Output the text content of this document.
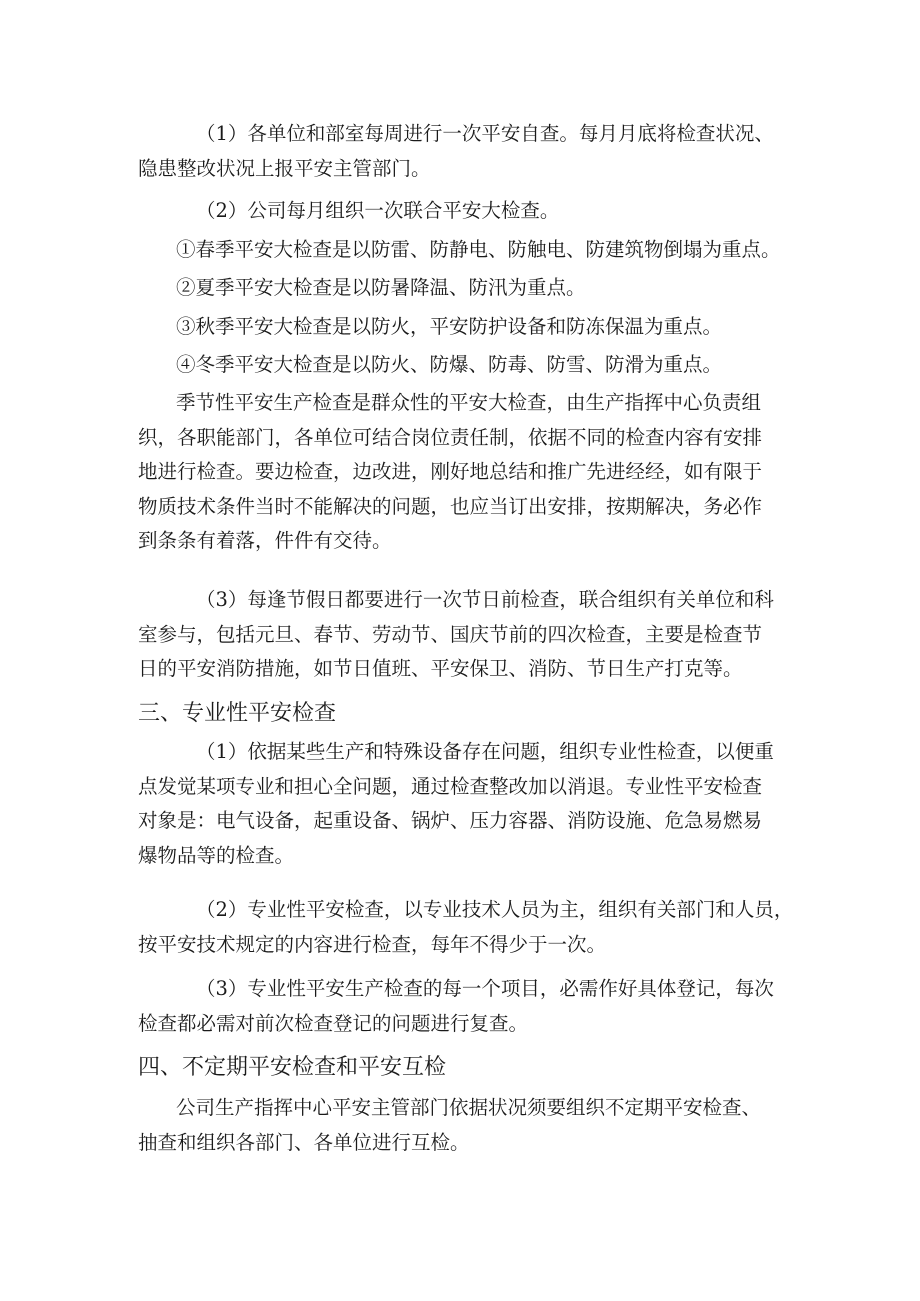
（1）各单位和部室每周进行一次平安自查。每月月底将检查状况、
隐患整改状况上报平安主管部门。

（2）公司每月组织一次联合平安大检查。

①春季平安大检查是以防雷、防静电、防触电、防建筑物倒塌为重点。

②夏季平安大检查是以防暑降温、防汛为重点。

③秋季平安大检查是以防火，平安防护设备和防冻保温为重点。

④冬季平安大检查是以防火、防爆、防毒、防雪、防滑为重点。

季节性平安生产检查是群众性的平安大检查，由生产指挥中心负责组
织，各职能部门，各单位可结合岗位责任制，依据不同的检查内容有安排
地进行检查。要边检查，边改进，刚好地总结和推广先进经经，如有限于
物质技术条件当时不能解决的问题，也应当订出安排，按期解决，务必作
到条条有着落，件件有交待。

（3）每逢节假日都要进行一次节日前检查，联合组织有关单位和科
室参与，包括元旦、春节、劳动节、国庆节前的四次检查，主要是检查节
日的平安消防措施，如节日值班、平安保卫、消防、节日生产打克等。

三、专业性平安检查

（1）依据某些生产和特殊设备存在问题，组织专业性检查，以便重
点发觉某项专业和担心全问题，通过检查整改加以消退。专业性平安检查
对象是：电气设备，起重设备、锅炉、压力容器、消防设施、危急易燃易
爆物品等的检查。

（2）专业性平安检查，以专业技术人员为主，组织有关部门和人员，
按平安技术规定的内容进行检查，每年不得少于一次。

（3）专业性平安生产检查的每一个项目，必需作好具体登记，每次
检查都必需对前次检查登记的问题进行复查。

四、不定期平安检查和平安互检

公司生产指挥中心平安主管部门依据状况须要组织不定期平安检查、
抽查和组织各部门、各单位进行互检。
